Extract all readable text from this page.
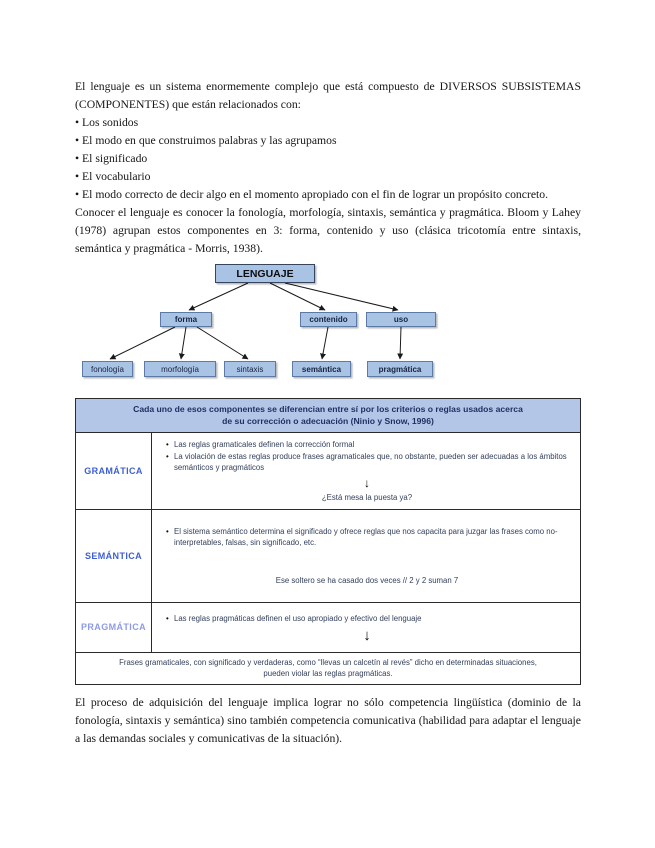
El lenguaje es un sistema enormemente complejo que está compuesto de DIVERSOS SUBSISTEMAS (COMPONENTES) que están relacionados con:

• Los sonidos
• El modo en que construimos palabras y las agrupamos
• El significado
• El vocabulario
• El modo correcto de decir algo en el momento apropiado con el fin de lograr un propósito concreto.

Conocer el lenguaje es conocer la fonología, morfología, sintaxis, semántica y pragmática. Bloom y Lahey (1978) agrupan estos componentes en 3: forma, contenido y uso (clásica tricotomía entre sintaxis, semántica y pragmática - Morris, 1938).

LENGUAJE
forma	contenido	uso
fonología	morfología	sintaxis	semántica	pragmática
Cada uno de esos componentes se diferencian entre sí por los criterios o reglas usados acerca de su corrección o adecuación (Ninio y Snow, 1996)	
GRAMÁTICA	
• Las reglas gramaticales definen la corrección formal
• La violación de estas reglas produce frases agramaticales que, no obstante, pueden ser adecuadas a los ámbitos semánticos y pragmáticos
↓
¿Está mesa la puesta ya?

SEMÁNTICA	
• El sistema semántico determina el significado y ofrece reglas que nos capacita para juzgar las frases como no-interpretables, falsas, sin significado, etc.
Ese soltero se ha casado dos veces // 2 y 2 suman 7

PRAGMÁTICA	
• Las reglas pragmáticas definen el uso apropiado y efectivo del lenguaje
↓

Frases gramaticales, con significado y verdaderas, como “llevas un calcetín al revés” dicho en determinadas situaciones, pueden violar las reglas pragmáticas.	

El proceso de adquisición del lenguaje implica lograr no sólo competencia lingüística (dominio de la fonología, sintaxis y semántica) sino también competencia comunicativa (habilidad para adaptar el lenguaje a las demandas sociales y comunicativas de la situación).
